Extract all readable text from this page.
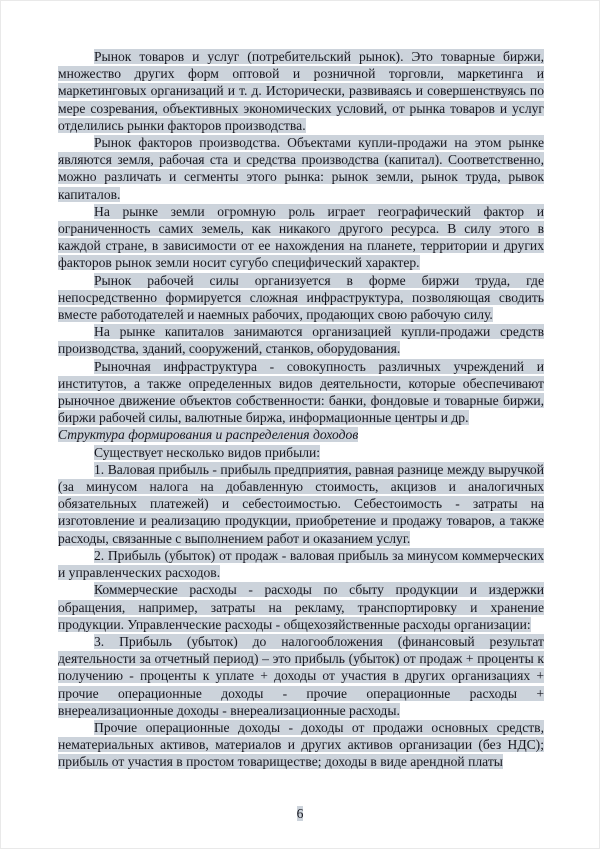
Рынок товаров и услуг (потребительский рынок). Это товарные биржи, множество других форм оптовой и розничной торговли, маркетинга и маркетинговых организаций и т. д. Исторически, развиваясь и совершенствуясь по мере созревания, объективных экономических условий, от рынка товаров и услуг отделились рынки факторов производства.

Рынок факторов производства. Объектами купли-продажи на этом рынке являются земля, рабочая ста и средства производства (капитал). Соответственно, можно различать и сегменты этого рынка: рынок земли, рынок труда, рывок капиталов.

На рынке земли огромную роль играет географический фактор и ограниченность самих земель, как никакого другого ресурса. В силу этого в каждой стране, в зависимости от ее нахождения на планете, территории и других факторов рынок земли носит сугубо специфический характер.

Рынок рабочей силы организуется в форме биржи труда, где непосредственно формируется сложная инфраструктура, позволяющая сводить вместе работодателей и наемных рабочих, продающих свою рабочую силу.

На рынке капиталов занимаются организацией купли-продажи средств производства, зданий, сооружений, станков, оборудования.

Рыночная инфраструктура - совокупность различных учреждений и институтов, а также определенных видов деятельности, которые обеспечивают рыночное движение объектов собственности: банки, фондовые и товарные биржи, биржи рабочей силы, валютные биржа, информационные центры и др.

Структура формирования и распределения доходов

Существует несколько видов прибыли:

1. Валовая прибыль - прибыль предприятия, равная разнице между выручкой (за минусом налога на добавленную стоимость, акцизов и аналогичных обязательных платежей) и себестоимостью. Себестоимость - затраты на изготовление и реализацию продукции, приобретение и продажу товаров, а также расходы, связанные с выполнением работ и оказанием услуг.

2. Прибыль (убыток) от продаж - валовая прибыль за минусом коммерческих и управленческих расходов.

Коммерческие расходы - расходы по сбыту продукции и издержки обращения, например, затраты на рекламу, транспортировку и хранение продукции. Управленческие расходы - общехозяйственные расходы организации:

3. Прибыль (убыток) до налогообложения (финансовый результат деятельности за отчетный период) – это прибыль (убыток) от продаж + проценты к получению - проценты к уплате + доходы от участия в других организациях + прочие операционные доходы - прочие операционные расходы + внереализационные доходы - внереализационные расходы.

Прочие операционные доходы - доходы от продажи основных средств, нематериальных активов, материалов и других активов организации (без НДС); прибыль от участия в простом товариществе; доходы в виде арендной платы

6
